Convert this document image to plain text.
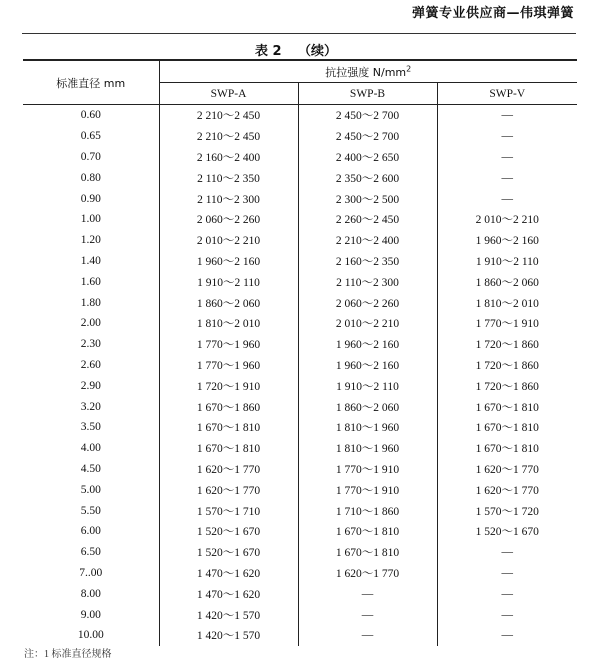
弹簧专业供应商—伟琪弹簧
表 2 （续）
标准直径 mm	抗拉强度 $N/mm^2$
	SWP-A	SWP-B	SWP-V
0.60	2 210～2 450	2 450～2 700	—
0.65	2 210～2 450	2 450～2 700	—
0.70	2 160～2 400	2 400～2 650	—
0.80	2 110～2 350	2 350～2 600	—
0.90	2 110～2 300	2 300～2 500	—
1.00	2 060～2 260	2 260～2 450	2 010～2 210
1.20	2 010～2 210	2 210～2 400	1 960～2 160
1.40	1 960～2 160	2 160～2 350	1 910～2 110
1.60	1 910～2 110	2 110～2 300	1 860～2 060
1.80	1 860～2 060	2 060～2 260	1 810～2 010
2.00	1 810～2 010	2 010～2 210	1 770～1 910
2.30	1 770～1 960	1 960～2 160	1 720～1 860
2.60	1 770～1 960	1 960～2 160	1 720～1 860
2.90	1 720～1 910	1 910～2 110	1 720～1 860
3.20	1 670～1 860	1 860～2 060	1 670～1 810
3.50	1 670～1 810	1 810～1 960	1 670～1 810
4.00	1 670～1 810	1 810～1 960	1 670～1 810
4.50	1 620～1 770	1 770～1 910	1 620～1 770
5.00	1 620～1 770	1 770～1 910	1 620～1 770
5.50	1 570～1 710	1 710～1 860	1 570～1 720
6.00	1 520～1 670	1 670～1 810	1 520～1 670
6.50	1 520～1 670	1 670～1 810	—
7..00	1 470～1 620	1 620～1 770	—
8.00	1 470～1 620	—	—
9.00	1 420～1 570	—	—
10.00	1 420～1 570	—	—
注：1 标准直径规格
